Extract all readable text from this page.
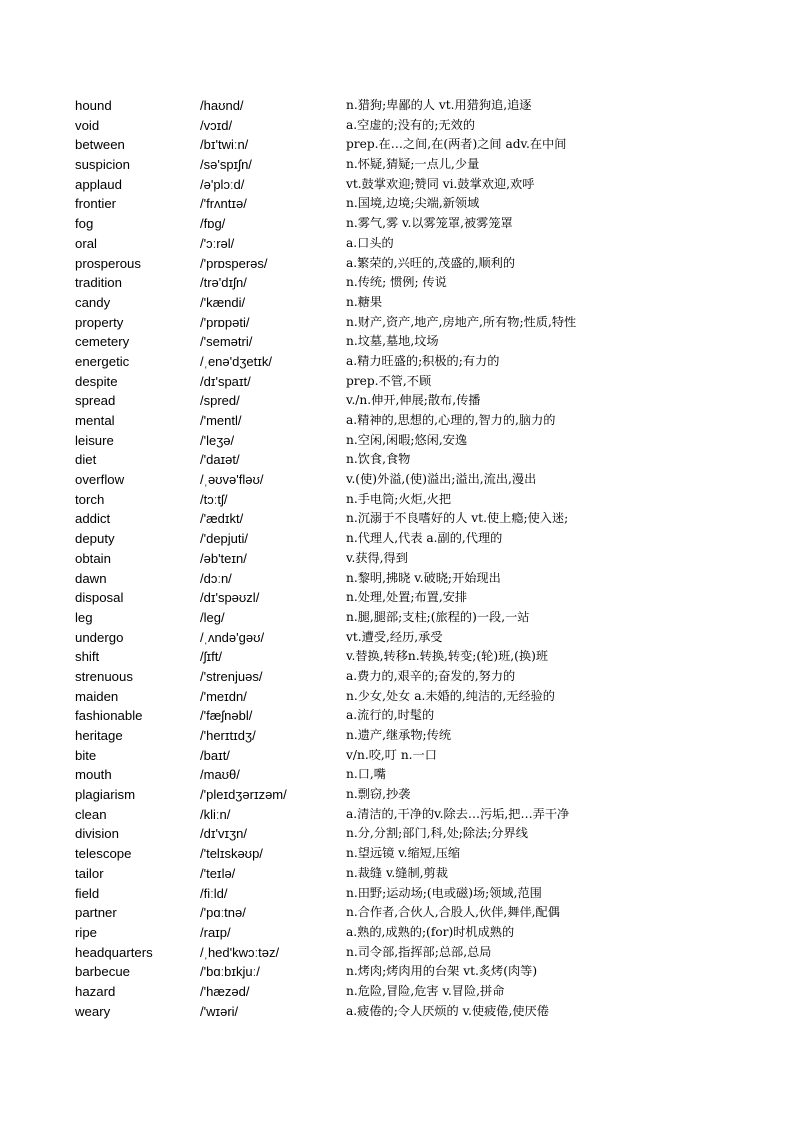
hound	/haʊnd/	n.猎狗;卑鄙的人 vt.用猎狗追,追逐
void	/vɔɪd/	a.空虚的;没有的;无效的
between	/bɪ'twiːn/	prep.在…之间,在(两者)之间 adv.在中间
suspicion	/sə'spɪʃn/	n.怀疑,猜疑;一点儿,少量
applaud	/ə'plɔːd/	vt.鼓掌欢迎;赞同 vi.鼓掌欢迎,欢呼
frontier	/'frʌntɪə/	n.国境,边境;尖端,新领域
fog	/fɒg/	n.雾气,雾 v.以雾笼罩,被雾笼罩
oral	/'ɔːrəl/	a.口头的
prosperous	/'prɒsperəs/	a.繁荣的,兴旺的,茂盛的,顺利的
tradition	/trə'dɪʃn/	n.传统; 惯例; 传说
candy	/'kændi/	n.糖果
property	/'prɒpəti/	n.财产,资产,地产,房地产,所有物;性质,特性
cemetery	/'semətri/	n.坟墓,墓地,坟场
energetic	/ˌenə'dʒetɪk/	a.精力旺盛的;积极的;有力的
despite	/dɪ'spaɪt/	prep.不管,不顾
spread	/spred/	v./n.伸开,伸展;散布,传播
mental	/'mentl/	a.精神的,思想的,心理的,智力的,脑力的
leisure	/'leʒə/	n.空闲,闲暇;悠闲,安逸
diet	/'daɪət/	n.饮食,食物
overflow	/ˌəʊvə'fləʊ/	v.(使)外溢,(使)溢出;溢出,流出,漫出
torch	/tɔːtʃ/	n.手电筒;火炬,火把
addict	/'ædɪkt/	n.沉溺于不良嗜好的人 vt.使上瘾;使入迷;
deputy	/'depjuti/	n.代理人,代表 a.副的,代理的
obtain	/əb'teɪn/	v.获得,得到
dawn	/dɔːn/	n.黎明,拂晓 v.破晓;开始现出
disposal	/dɪ'spəʊzl/	n.处理,处置;布置,安排
leg	/leg/	n.腿,腿部;支柱;(旅程的)一段,一站
undergo	/ˌʌndə'gəʊ/	vt.遭受,经历,承受
shift	/ʃɪft/	v.替换,转移n.转换,转变;(轮)班,(换)班
strenuous	/'strenjuəs/	a.费力的,艰辛的;奋发的,努力的
maiden	/'meɪdn/	n.少女,处女 a.未婚的,纯洁的,无经验的
fashionable	/'fæʃnəbl/	a.流行的,时髦的
heritage	/'herɪtɪdʒ/	n.遗产,继承物;传统
bite	/baɪt/	v/n.咬,叮 n.一口
mouth	/maʊθ/	n.口,嘴
plagiarism	/'pleɪdʒərɪzəm/	n.剽窃,抄袭
clean	/kliːn/	a.清洁的,干净的v.除去…污垢,把…弄干净
division	/dɪ'vɪʒn/	n.分,分割;部门,科,处;除法;分界线
telescope	/'telɪskəʊp/	n.望远镜 v.缩短,压缩
tailor	/'teɪlə/	n.裁缝 v.缝制,剪裁
field	/fiːld/	n.田野;运动场;(电或磁)场;领域,范围
partner	/'pɑːtnə/	n.合作者,合伙人,合股人,伙伴,舞伴,配偶
ripe	/raɪp/	a.熟的,成熟的;(for)时机成熟的
headquarters	/ˌhed'kwɔːtəz/	n.司令部,指挥部;总部,总局
barbecue	/'bɑːbɪkjuː/	n.烤肉;烤肉用的台架 vt.炙烤(肉等)
hazard	/'hæzəd/	n.危险,冒险,危害 v.冒险,拼命
weary	/'wɪəri/	a.疲倦的;令人厌烦的 v.使疲倦,使厌倦
